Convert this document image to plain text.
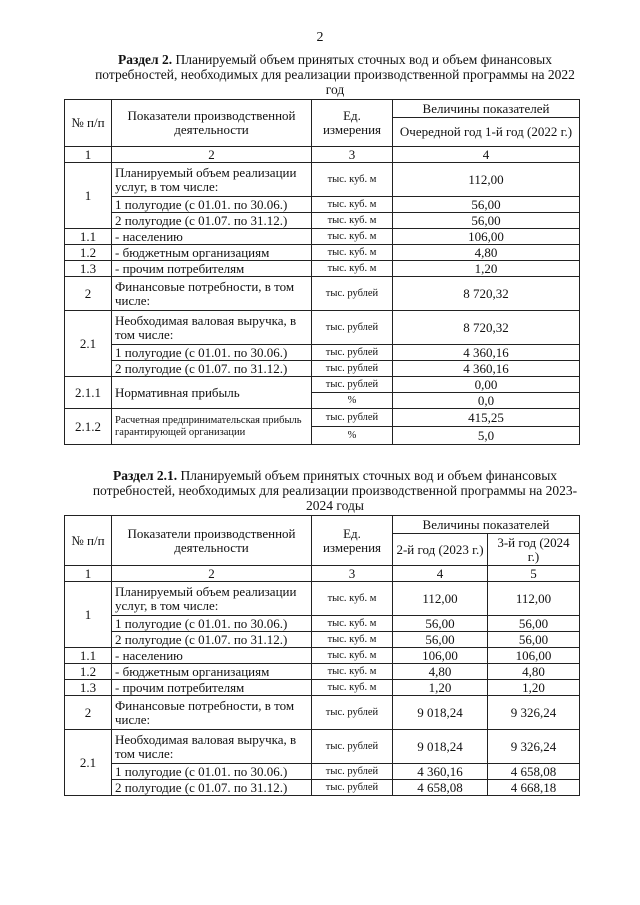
2
Раздел 2. Планируемый объем принятых сточных вод и объем финансовых потребностей, необходимых для реализации производственной программы на 2022 год
№ п/п	Показатели производственной деятельности	Ед. измерения	Величины показателей
			Очередной год 1-й год (2022 г.)
1	2	3	4
1	Планируемый объем реализации услуг, в том числе:	тыс. куб. м	112,00
	1 полугодие (с 01.01. по 30.06.)	тыс. куб. м	56,00
	2 полугодие (с 01.07. по 31.12.)	тыс. куб. м	56,00
1.1	- населению	тыс. куб. м	106,00
1.2	- бюджетным организациям	тыс. куб. м	4,80
1.3	- прочим потребителям	тыс. куб. м	1,20
2	Финансовые потребности, в том числе:	тыс. рублей	8 720,32
2.1	Необходимая валовая выручка, в том числе:	тыс. рублей	8 720,32
	1 полугодие (с 01.01. по 30.06.)	тыс. рублей	4 360,16
	2 полугодие (с 01.07. по 31.12.)	тыс. рублей	4 360,16
2.1.1	Нормативная прибыль	тыс. рублей	0,00
		%	0,0
2.1.2	Расчетная предпринимательская прибыль гарантирующей организации	тыс. рублей	415,25
		%	5,0
Раздел 2.1. Планируемый объем принятых сточных вод и объем финансовых потребностей, необходимых для реализации производственной программы на 2023-2024 годы
№ п/п	Показатели производственной деятельности	Ед. измерения	Величины показателей	
			2-й год (2023 г.)	3-й год (2024 г.)
1	2	3	4	5
1	Планируемый объем реализации услуг, в том числе:	тыс. куб. м	112,00	112,00
	1 полугодие (с 01.01. по 30.06.)	тыс. куб. м	56,00	56,00
	2 полугодие (с 01.07. по 31.12.)	тыс. куб. м	56,00	56,00
1.1	- населению	тыс. куб. м	106,00	106,00
1.2	- бюджетным организациям	тыс. куб. м	4,80	4,80
1.3	- прочим потребителям	тыс. куб. м	1,20	1,20
2	Финансовые потребности, в том числе:	тыс. рублей	9 018,24	9 326,24
2.1	Необходимая валовая выручка, в том числе:	тыс. рублей	9 018,24	9 326,24
	1 полугодие (с 01.01. по 30.06.)	тыс. рублей	4 360,16	4 658,08
	2 полугодие (с 01.07. по 31.12.)	тыс. рублей	4 658,08	4 668,18
